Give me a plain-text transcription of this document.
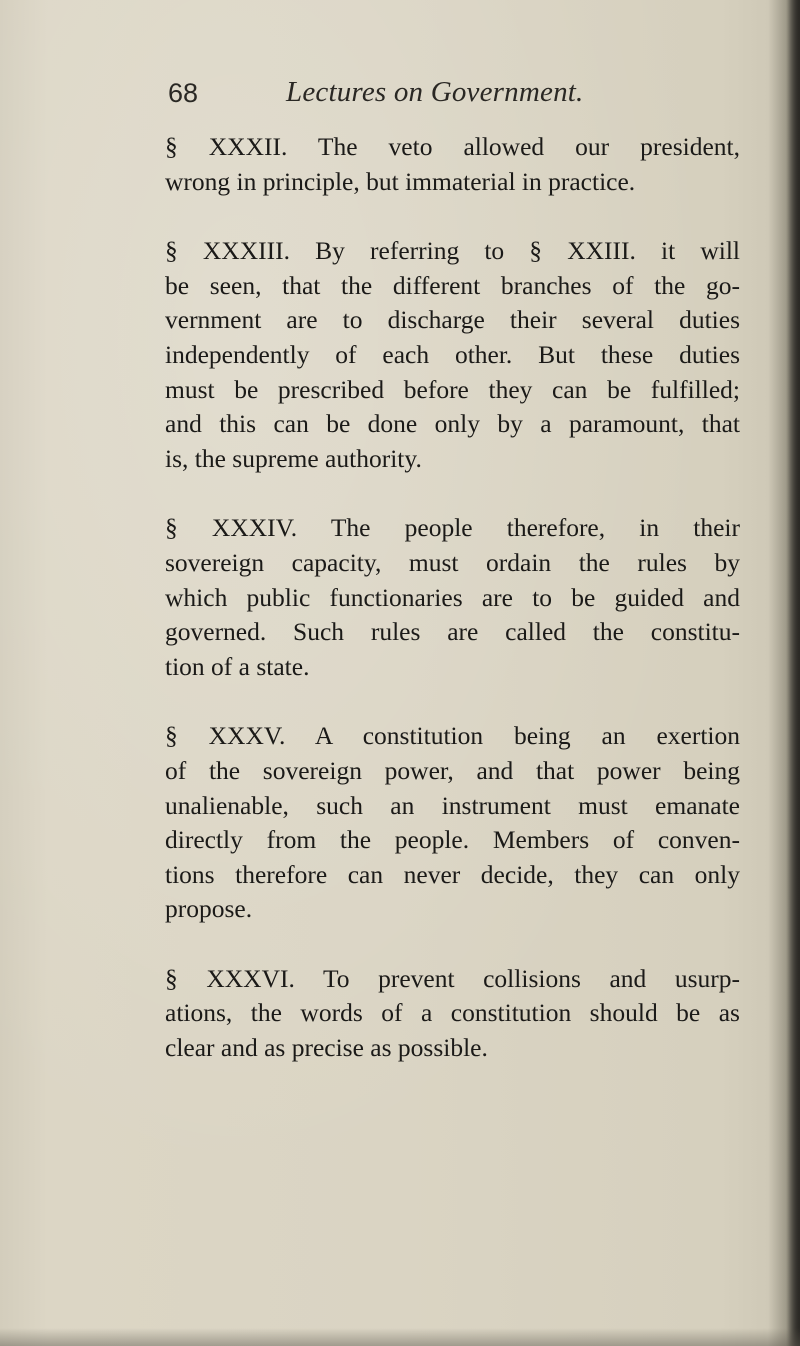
68	Lectures on Government.

§ XXXII. The veto allowed our president,
wrong in principle, but immaterial in practice.

§ XXXIII. By referring to § XXIII. it will
be seen, that the different branches of the go-
vernment are to discharge their several duties
independently of each other. But these duties
must be prescribed before they can be fulfilled;
and this can be done only by a paramount, that
is, the supreme authority.

§ XXXIV. The people therefore, in their
sovereign capacity, must ordain the rules by
which public functionaries are to be guided and
governed. Such rules are called the constitu-
tion of a state.

§ XXXV. A constitution being an exertion
of the sovereign power, and that power being
unalienable, such an instrument must emanate
directly from the people. Members of conven-
tions therefore can never decide, they can only
propose.

§ XXXVI. To prevent collisions and usurp-
ations, the words of a constitution should be as
clear and as precise as possible.
